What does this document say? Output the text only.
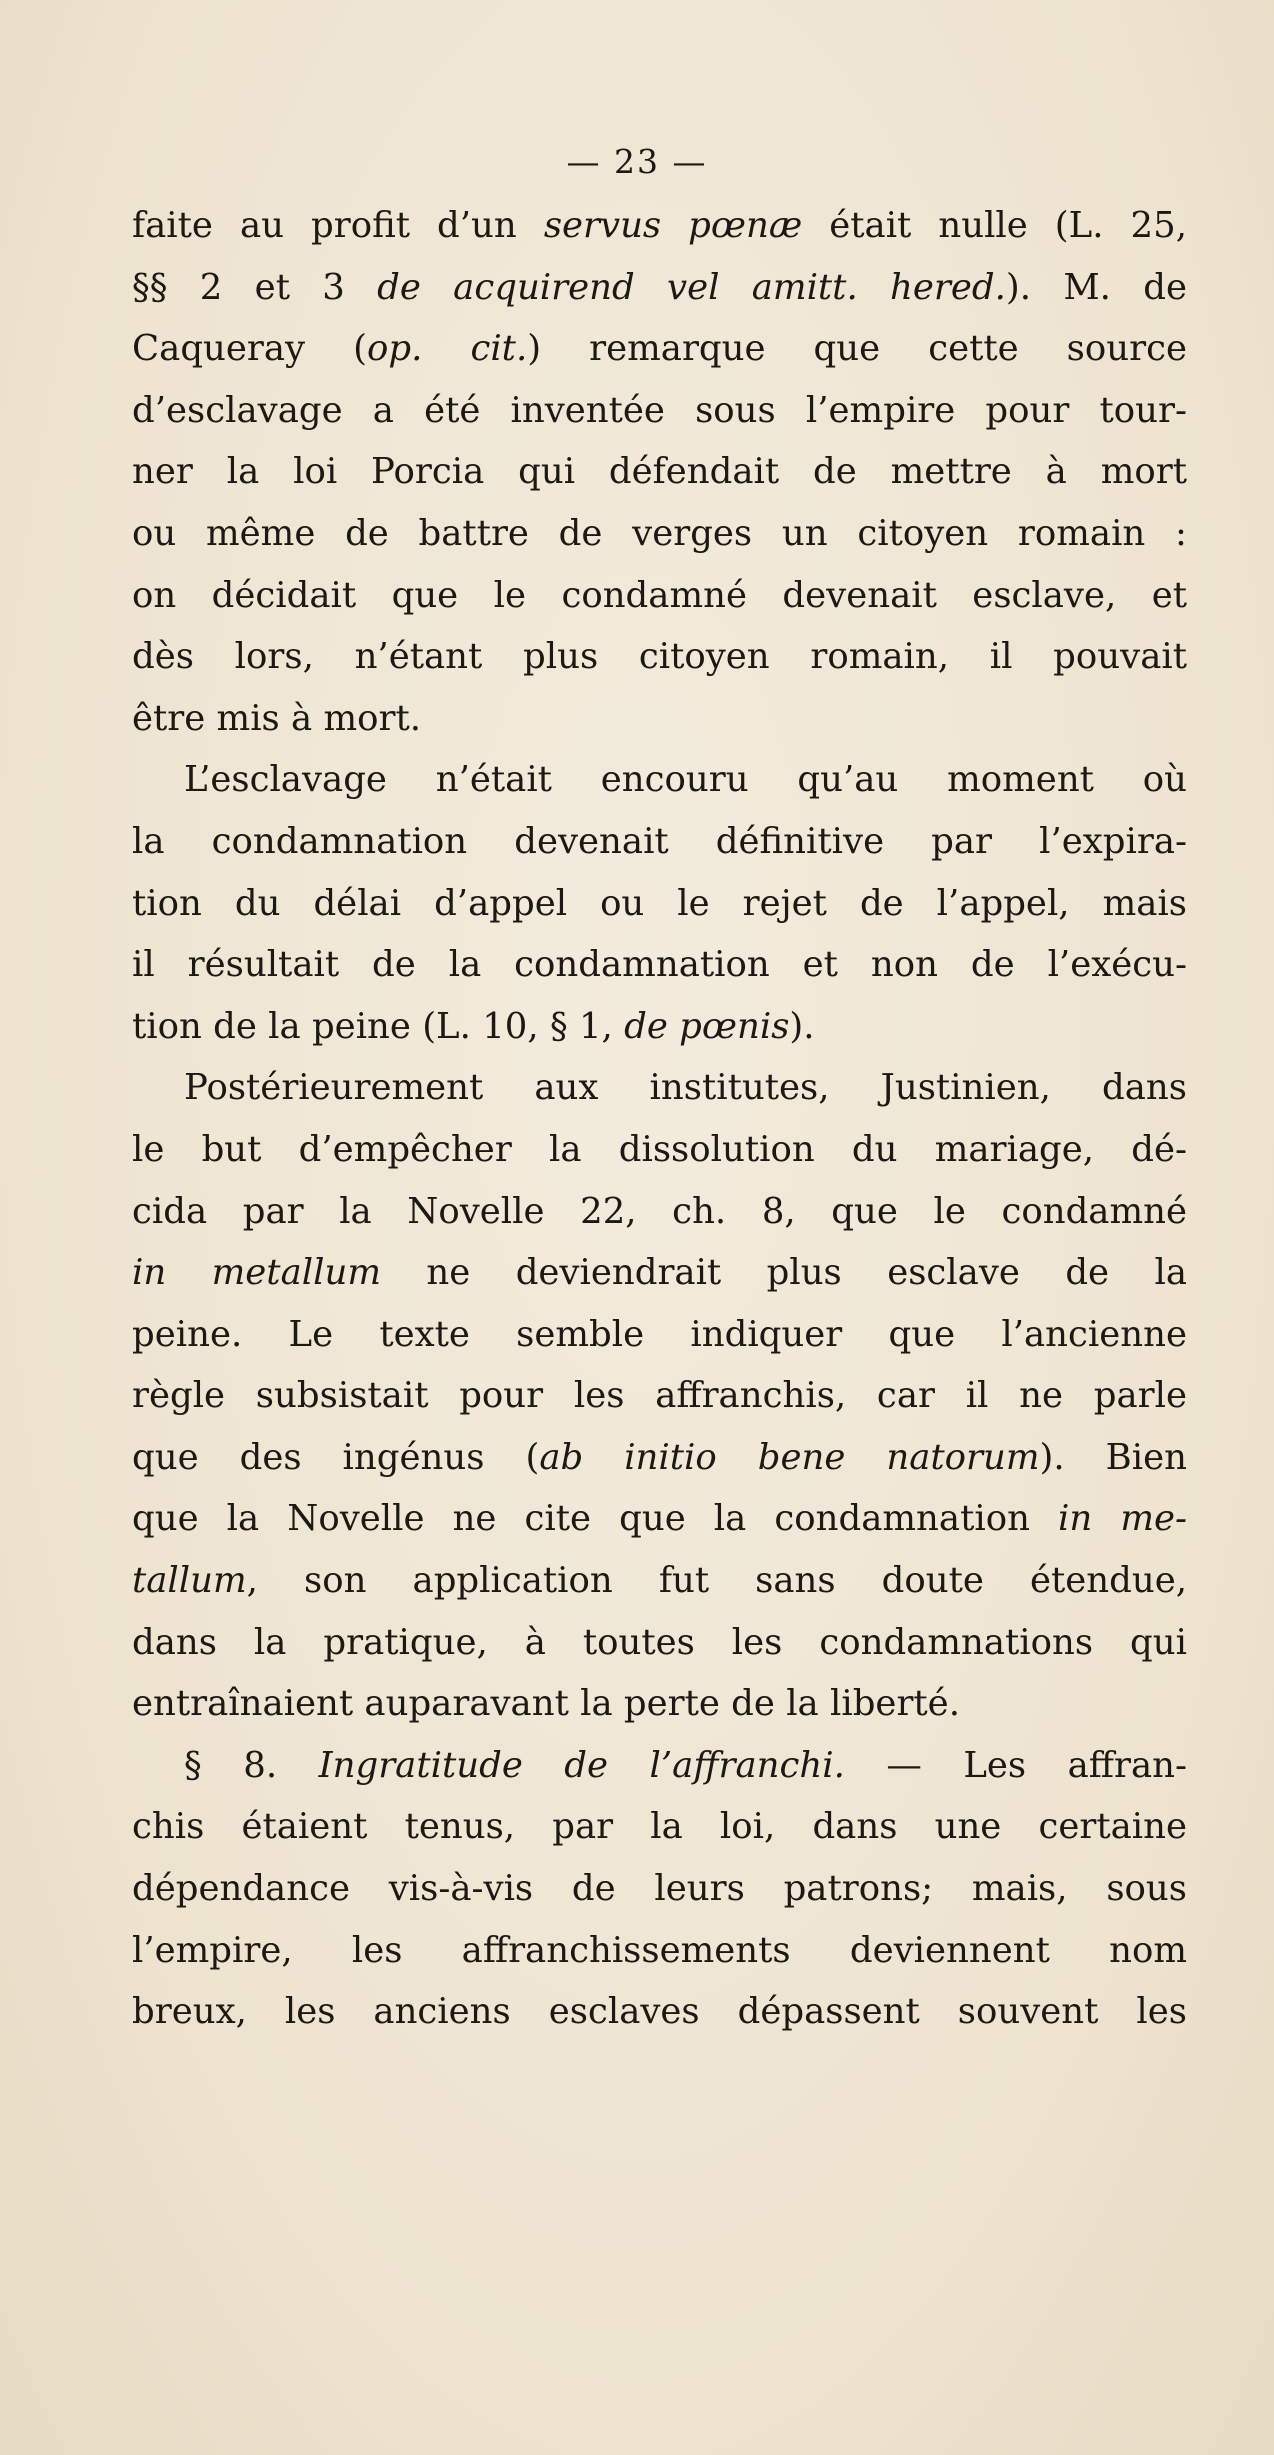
— 23 —
faite au profit d’un servus pœnæ était nulle (L. 25,
§§ 2 et 3 de acquirend vel amitt. hered.). M. de
Caqueray (op. cit.) remarque que cette source
d’esclavage a été inventée sous l’empire pour tour-
ner la loi Porcia qui défendait de mettre à mort
ou même de battre de verges un citoyen romain :
on décidait que le condamné devenait esclave, et
dès lors, n’étant plus citoyen romain, il pouvait
être mis à mort.
L’esclavage n’était encouru qu’au moment où
la condamnation devenait définitive par l’expira-
tion du délai d’appel ou le rejet de l’appel, mais
il résultait de la condamnation et non de l’exécu-
tion de la peine (L. 10, § 1, de pœnis).
Postérieurement aux institutes, Justinien, dans
le but d’empêcher la dissolution du mariage, dé-
cida par la Novelle 22, ch. 8, que le condamné
in metallum ne deviendrait plus esclave de la
peine. Le texte semble indiquer que l’ancienne
règle subsistait pour les affranchis, car il ne parle
que des ingénus (ab initio bene natorum). Bien
que la Novelle ne cite que la condamnation in me-
tallum, son application fut sans doute étendue,
dans la pratique, à toutes les condamnations qui
entraînaient auparavant la perte de la liberté.
§ 8. Ingratitude de l’affranchi. — Les affran-
chis étaient tenus, par la loi, dans une certaine
dépendance vis-à-vis de leurs patrons; mais, sous
l’empire, les affranchissements deviennent nom
breux, les anciens esclaves dépassent souvent les
